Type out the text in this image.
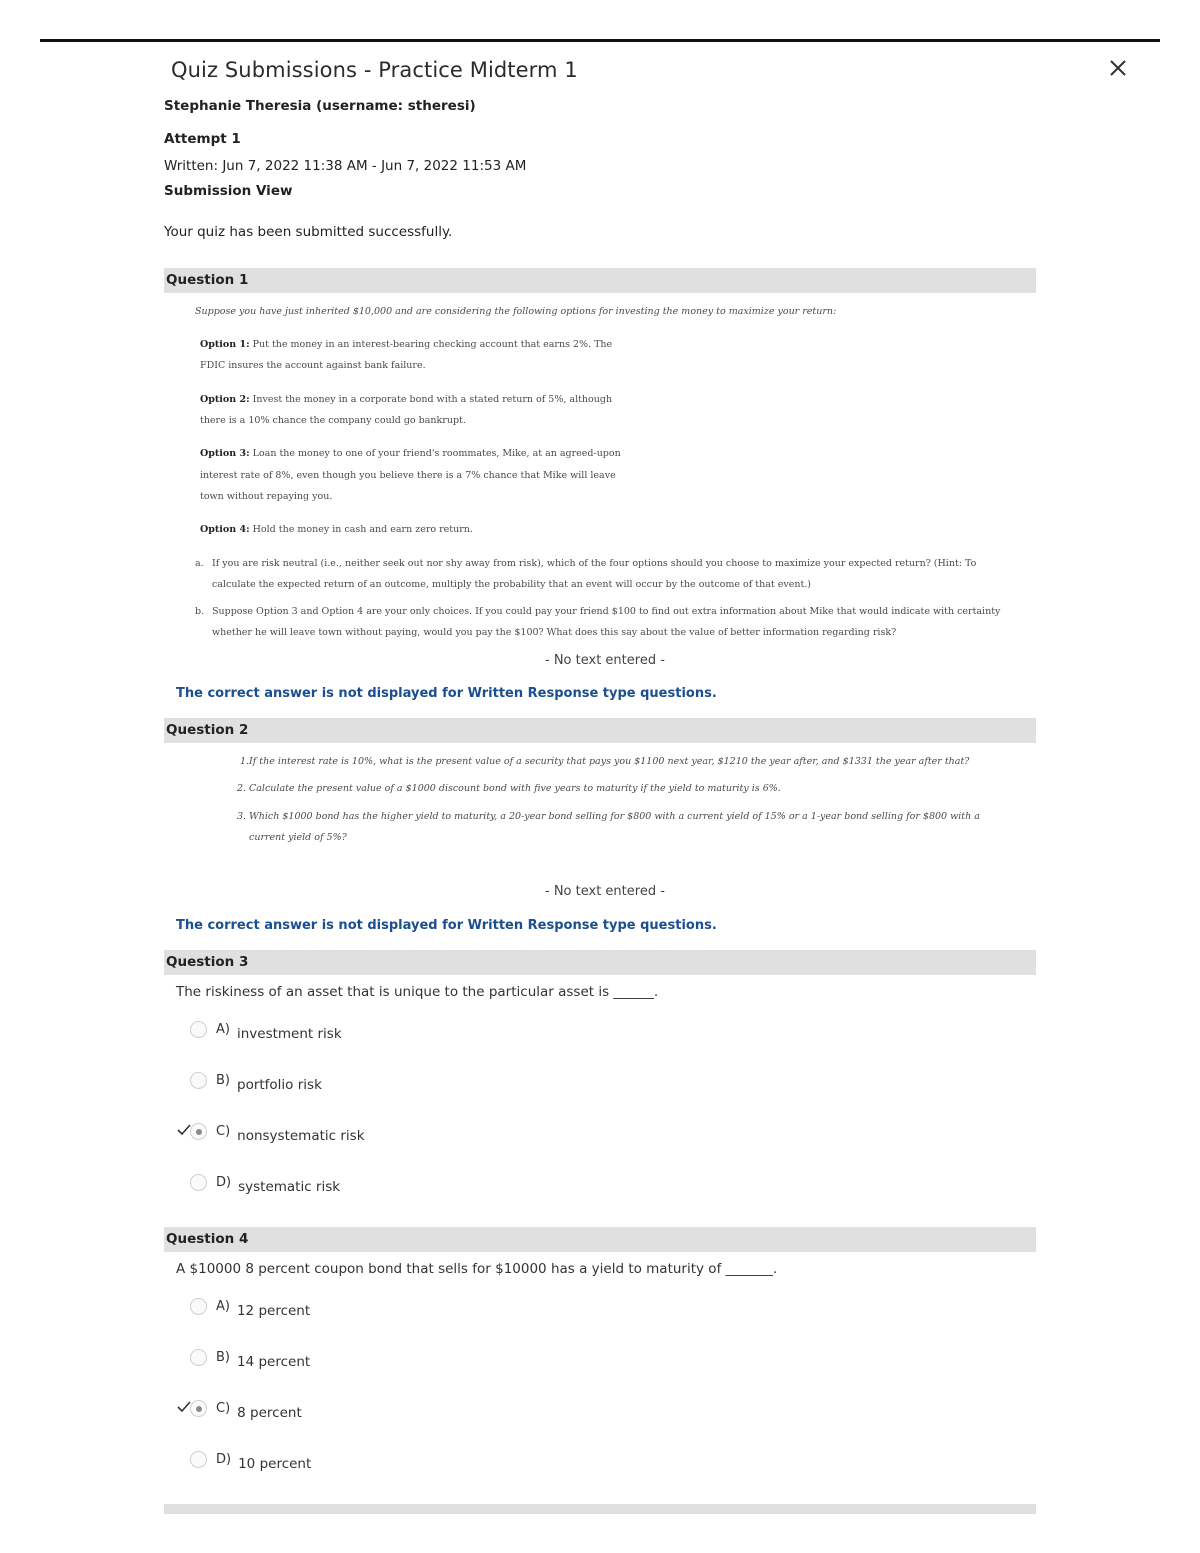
Quiz Submissions - Practice Midterm 1
Stephanie Theresia (username: stheresi)
Attempt 1
Written: Jun 7, 2022 11:38 AM - Jun 7, 2022 11:53 AM
Submission View
Your quiz has been submitted successfully.
Question 1
Suppose you have just inherited $10,000 and are considering the following options for investing the money to maximize your return:
Option 1: Put the money in an interest-bearing checking account that earns 2%. The
FDIC insures the account against bank failure.
Option 2: Invest the money in a corporate bond with a stated return of 5%, although
there is a 10% chance the company could go bankrupt.
Option 3: Loan the money to one of your friend's roommates, Mike, at an agreed-upon
interest rate of 8%, even though you believe there is a 7% chance that Mike will leave
town without repaying you.
Option 4: Hold the money in cash and earn zero return.
a. If you are risk neutral (i.e., neither seek out nor shy away from risk), which of the four options should you choose to maximize your expected return? (Hint: To
calculate the expected return of an outcome, multiply the probability that an event will occur by the outcome of that event.)
b. Suppose Option 3 and Option 4 are your only choices. If you could pay your friend $100 to find out extra information about Mike that would indicate with certainty
whether he will leave town without paying, would you pay the $100? What does this say about the value of better information regarding risk?
- No text entered -
The correct answer is not displayed for Written Response type questions.
Question 2
1. If the interest rate is 10%, what is the present value of a security that pays you $1100 next year, $1210 the year after, and $1331 the year after that?
2. Calculate the present value of a $1000 discount bond with five years to maturity if the yield to maturity is 6%.
3. Which $1000 bond has the higher yield to maturity, a 20-year bond selling for $800 with a current yield of 15% or a 1-year bond selling for $800 with a
current yield of 5%?
- No text entered -
The correct answer is not displayed for Written Response type questions.
Question 3
The riskiness of an asset that is unique to the particular asset is ______.
A) investment risk
B) portfolio risk
C) nonsystematic risk
D) systematic risk
Question 4
A $10000 8 percent coupon bond that sells for $10000 has a yield to maturity of _______.
A) 12 percent
B) 14 percent
C) 8 percent
D) 10 percent
